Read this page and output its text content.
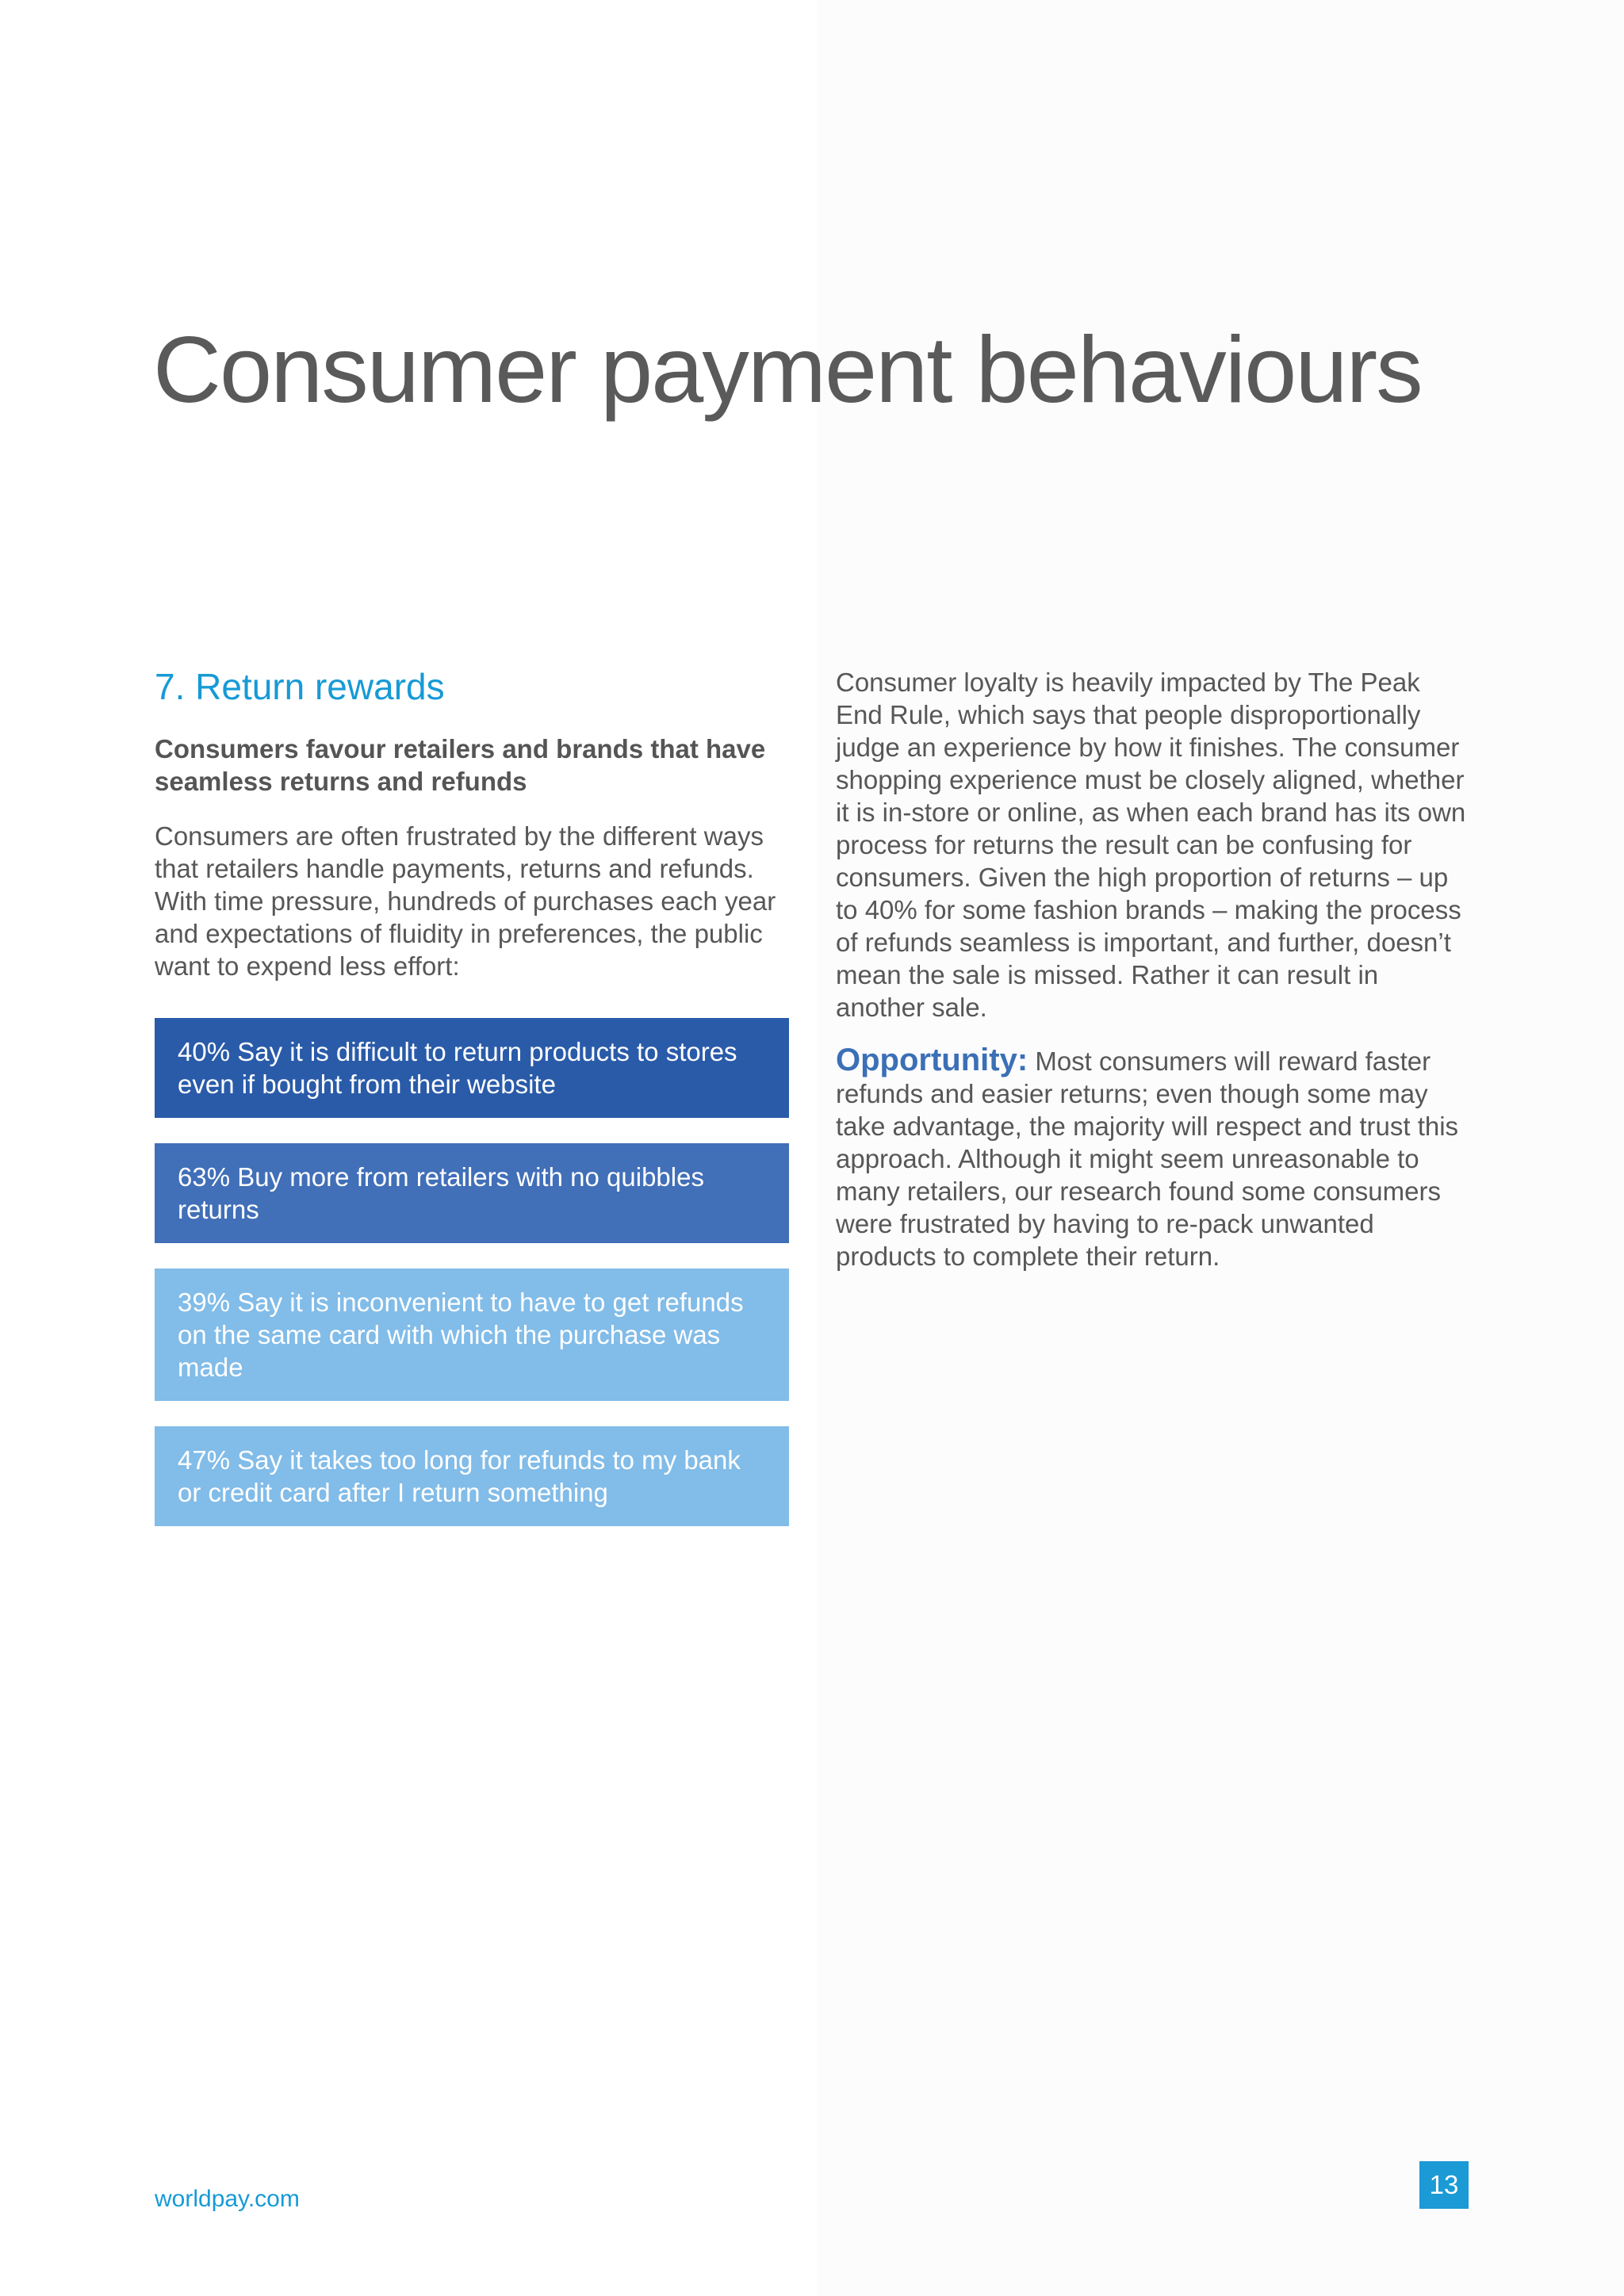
Consumer payment behaviours
7. Return rewards

Consumers favour retailers and brands that have seamless returns and refunds

Consumers are often frustrated by the different ways that retailers handle payments, returns and refunds. With time pressure, hundreds of purchases each year and expectations of fluidity in preferences, the public want to expend less effort:

40% Say it is difficult to return products to stores even if bought from their website
63% Buy more from retailers with no quibbles returns
39% Say it is inconvenient to have to get refunds on the same card with which the purchase was made
47% Say it takes too long for refunds to my bank or credit card after I return something

Consumer loyalty is heavily impacted by The Peak End Rule, which says that people disproportionally judge an experience by how it finishes. The consumer shopping experience must be closely aligned, whether it is in-store or online, as when each brand has its own process for returns the result can be confusing for consumers. Given the high proportion of returns – up to 40% for some fashion brands – making the process of refunds seamless is important, and further, doesn’t mean the sale is missed. Rather it can result in another sale.

Opportunity: Most consumers will reward faster refunds and easier returns; even though some may take advantage, the majority will respect and trust this approach. Although it might seem unreasonable to many retailers, our research found some consumers were frustrated by having to re-pack unwanted products to complete their return.

worldpay.com	13
